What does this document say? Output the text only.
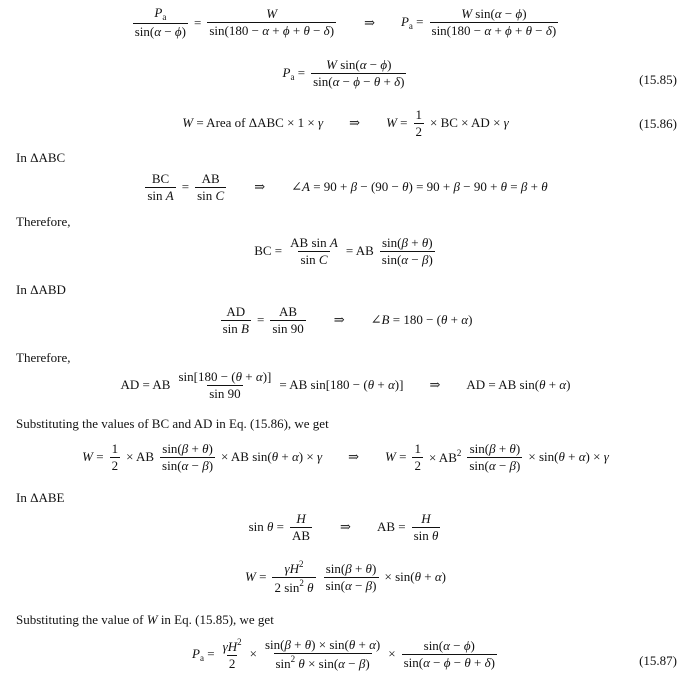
$\frac{P_a}{\sin(\alpha - \phi)} = \frac{W}{\sin(180 - \alpha + \phi + \theta - \delta)}$ ⇒ $P_a = \frac{\text{W sin(α − ϕ)}}{\sin(180 - \alpha + \phi + \theta - \delta)}$
$P_a = \frac{\text{W sin(α − ϕ)}}{\sin(\alpha - \phi - \theta + \delta)}$	(15.85)
W = Area of ΔABC × 1 × γ ⇒ $W = \frac{1}{2}$ × BC × AD × γ	(15.86)
In ΔABC
$\frac{BC}{\text{sin A}} = \frac{AB}{\text{sin C}}$ ⇒ ∠A = 90 + β − (90 − θ) = 90 + β − 90 + θ = β + θ
Therefore,
BC = $\frac{\text{AB sin A}}{\text{sin C}}$ = AB $\frac{\sin(\beta + \theta)}{\sin(\alpha - \beta)}$
In ΔABD
$\frac{AD}{\text{sin B}} = \frac{AB}{\sin 90}$ ⇒ ∠B = 180 − (θ + α)
Therefore,
AD = AB $\frac{\sin[180 - (\theta + \alpha)]}{\sin 90}$ = AB sin[180 − (θ + α)] ⇒ AD = AB sin(θ + α)
Substituting the values of BC and AD in Eq. (15.86), we get
$W = \frac{1}{2}$ × AB $\frac{\sin(\beta + \theta)}{\sin(\alpha - \beta)}$ × AB sin(θ + α) × γ ⇒ $W = \frac{1}{2} \times AB^2 \frac{\sin(\beta + \theta)}{\sin(\alpha - \beta)} \times \sin(\theta + \alpha) \times \gamma$
In ΔABE
$\sin \theta = \frac{H}{AB}$ ⇒ AB = $\frac{H}{\text{sin θ}}$
$W = \frac{\gamma H^2}{2 \sin^2 \theta} \frac{\sin(\beta + \theta)}{\sin(\alpha - \beta)} \times \sin(\theta + \alpha)$
Substituting the value of W in Eq. (15.85), we get
$P_a = \frac{\gamma H^2}{2} \times \frac{\sin(\beta + \theta) \times \sin(\theta + \alpha)}{\sin^2 \theta \times \sin(\alpha - \beta)} \times \frac{\sin(\alpha - \phi)}{\sin(\alpha - \phi - \theta + \delta)}$	(15.87)
